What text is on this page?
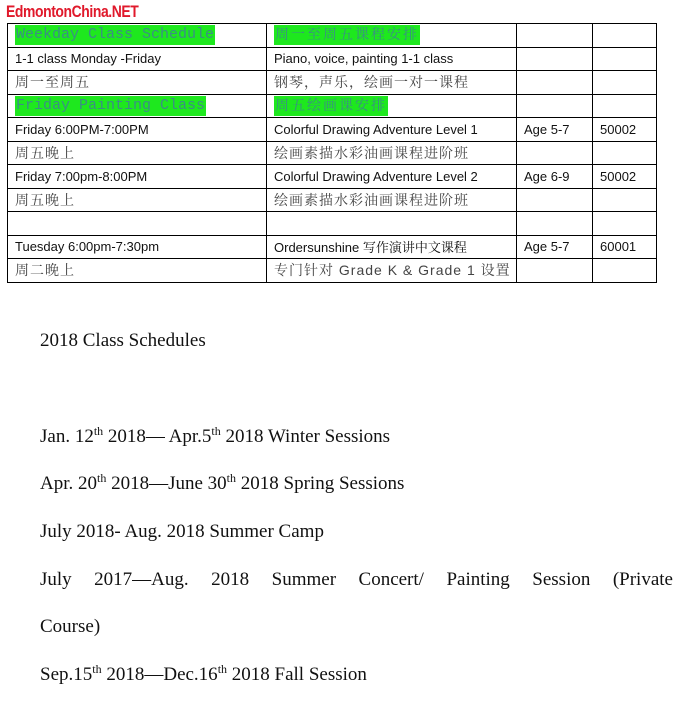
EdmontonChina.NET
Weekday Class Schedule	周一至周五课程安排		
1-1 class Monday -Friday	Piano, voice, painting 1-1 class		
周一至周五	钢琴，声乐，绘画一对一课程		
Friday Painting Class	周五绘画课安排		
Friday 6:00PM-7:00PM	Colorful Drawing Adventure Level 1	Age 5-7	50002
周五晚上	绘画素描水彩油画课程进阶班		
Friday 7:00pm-8:00PM	Colorful Drawing Adventure Level 2	Age 6-9	50002
周五晚上	绘画素描水彩油画课程进阶班		

Tuesday 6:00pm-7:30pm	Ordersunshine 写作演讲中文课程	Age 5-7	60001
周二晚上	专门针对 Grade K & Grade 1 设置		
2018 Class Schedules
Jan. 12th 2018— Apr.5th 2018 Winter Sessions
Apr. 20th 2018—June 30th 2018 Spring Sessions
July 2018- Aug. 2018 Summer Camp
July 2017—Aug. 2018 Summer Concert/ Painting Session (Private
Course)
Sep.15th 2018—Dec.16th 2018 Fall Session
